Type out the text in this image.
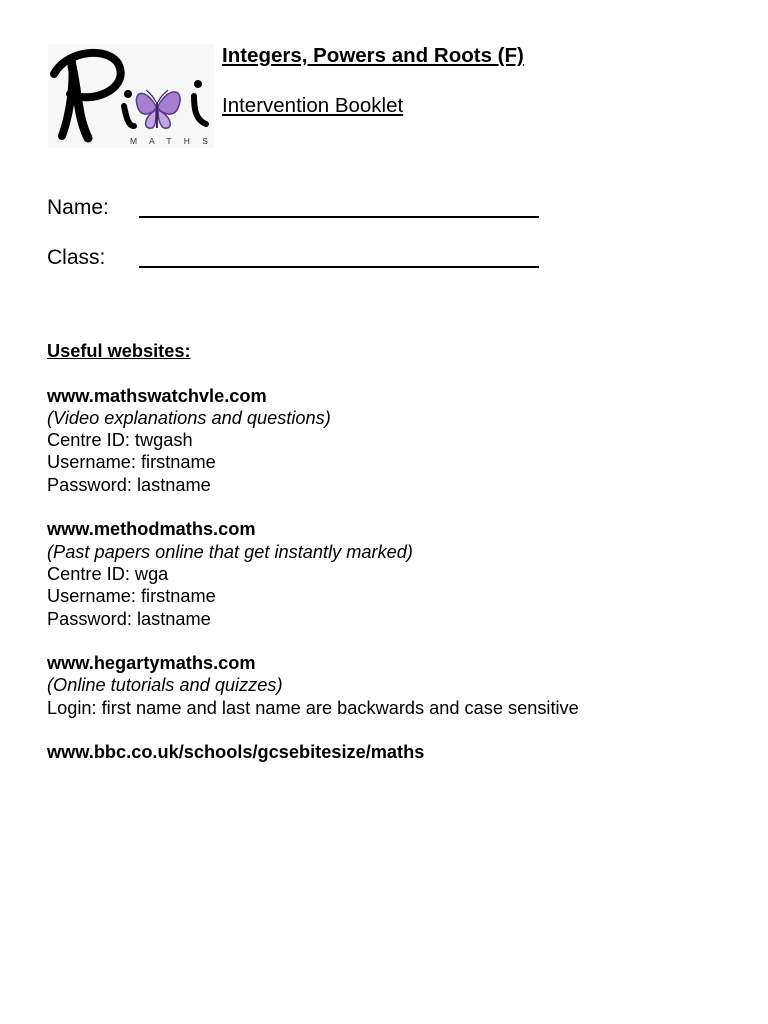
M A T H S
Integers, Powers and Roots (F)
Intervention Booklet
Name:
Class:
Useful websites:
www.mathswatchvle.com
(Video explanations and questions)
Centre ID: twgash
Username: firstname
Password: lastname
www.methodmaths.com
(Past papers online that get instantly marked)
Centre ID: wga
Username: firstname
Password: lastname
www.hegartymaths.com
(Online tutorials and quizzes)
Login: first name and last name are backwards and case sensitive
www.bbc.co.uk/schools/gcsebitesize/maths
